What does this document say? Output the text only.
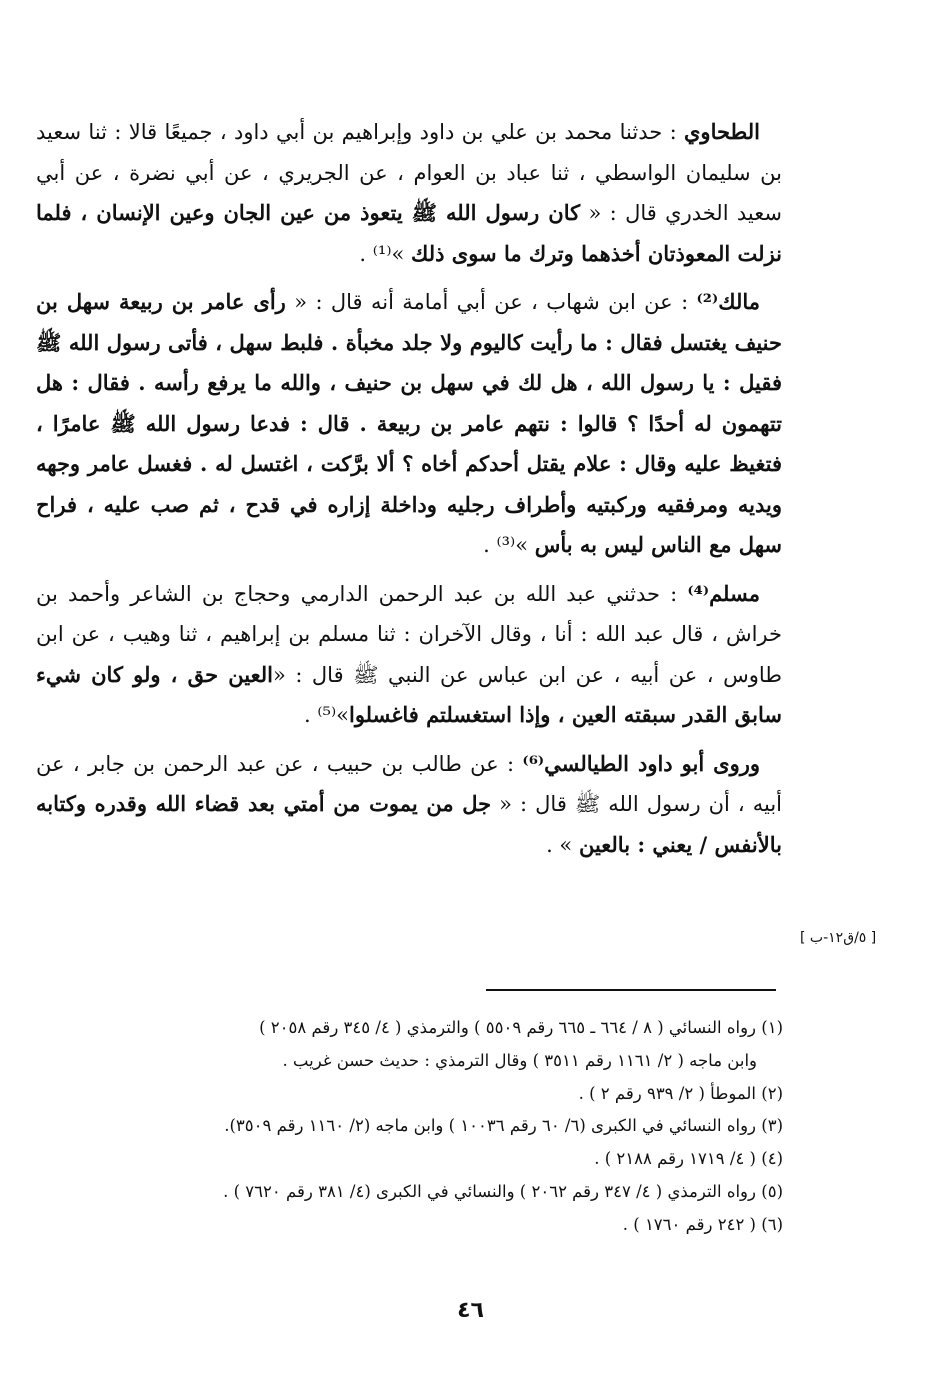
الطحاوي : حدثنا محمد بن علي بن داود وإبراهيم بن أبي داود ، جميعًا قالا : ثنا سعيد بن سليمان الواسطي ، ثنا عباد بن العوام ، عن الجريري ، عن أبي نضرة ، عن أبي سعيد الخدري قال : « كان رسول الله ﷺ يتعوذ من عين الجان وعين الإنسان ، فلما نزلت المعوذتان أخذهما وترك ما سوى ذلك »⁽¹⁾ .

مالك⁽²⁾ : عن ابن شهاب ، عن أبي أمامة أنه قال : « رأى عامر بن ربيعة سهل بن حنيف يغتسل فقال : ما رأيت كاليوم ولا جلد مخبأة . فلبط سهل ، فأتى رسول الله ﷺ فقيل : يا رسول الله ، هل لك في سهل بن حنيف ، والله ما يرفع رأسه . فقال : هل تتهمون له أحدًا ؟ قالوا : نتهم عامر بن ربيعة . قال : فدعا رسول الله ﷺ عامرًا ، فتغيظ عليه وقال : علام يقتل أحدكم أخاه ؟ ألا برَّكت ، اغتسل له . فغسل عامر وجهه ويديه ومرفقيه وركبتيه وأطراف رجليه وداخلة إزاره في قدح ، ثم صب عليه ، فراح سهل مع الناس ليس به بأس »⁽³⁾ .

مسلم⁽⁴⁾ : حدثني عبد الله بن عبد الرحمن الدارمي وحجاج بن الشاعر وأحمد بن خراش ، قال عبد الله : أنا ، وقال الآخران : ثنا مسلم بن إبراهيم ، ثنا وهيب ، عن ابن طاوس ، عن أبيه ، عن ابن عباس عن النبي ﷺ قال : «العين حق ، ولو كان شيء سابق القدر سبقته العين ، وإذا استغسلتم فاغسلوا»⁽⁵⁾ .

وروى أبو داود الطيالسي⁽⁶⁾ : عن طالب بن حبيب ، عن عبد الرحمن بن جابر ، عن أبيه ، أن رسول الله ﷺ قال : « جل من يموت من أمتي بعد قضاء الله وقدره وكتابه بالأنفس / يعني : بالعين » .

[ ٥/ق١٢-ب ]

(١) رواه النسائي ( ٨ / ٦٦٤ ـ ٦٦٥ رقم ٥٥٠٩ ) والترمذي ( ٤/ ٣٤٥ رقم ٢٠٥٨ )

وابن ماجه ( ٢/ ١١٦١ رقم ٣٥١١ ) وقال الترمذي : حديث حسن غريب .

(٢) الموطأ ( ٢/ ٩٣٩ رقم ٢ ) .

(٣) رواه النسائي في الكبرى (٦/ ٦٠ رقم ١٠٠٣٦ ) وابن ماجه (٢/ ١١٦٠ رقم ٣٥٠٩).

(٤) ( ٤/ ١٧١٩ رقم ٢١٨٨ ) .

(٥) رواه الترمذي ( ٤/ ٣٤٧ رقم ٢٠٦٢ ) والنسائي في الكبرى (٤/ ٣٨١ رقم ٧٦٢٠ ) .

(٦) ( ٢٤٢ رقم ١٧٦٠ ) .

٤٦
